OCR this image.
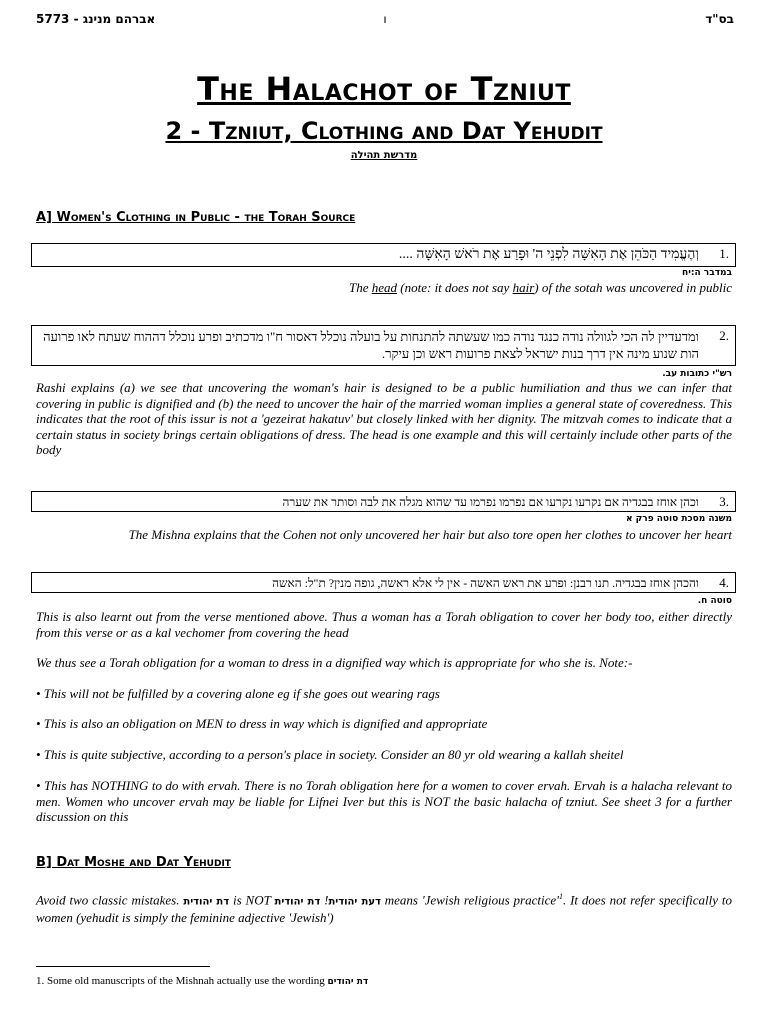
5773 - אברהם מנינג	ו	בס"ד
The Halachot of Tzniut
2 - Tzniut, Clothing and Dat Yehudit
מדרשת תהילה
A] Women's Clothing in Public - the Torah Source
1.
וְהֶעֱמִיד הַכֹּהֵן אֶת הָאִשָּׁה לִפְנֵי ה' וּפָרַע אֶת רֹאשׁ הָאִשָּׁה ....
במדבר ה:יח
The head (note: it does not say hair) of the sotah was uncovered in public
2.
ומדעדיין לה הכי לגוולה נודה כנגד נודה כמו שעשתה להתנחות על בועלה נוכלל דאסור ח"ו מדכתיב ופרע נוכלל דההוח שעתח לאו פרועה הות שנוע מינה אין דרך בנות ישראל לצאת פרועות ראש וכן עיקר.
רש"י כתובות עב.
Rashi explains (a) we see that uncovering the woman's hair is designed to be a public humiliation and thus we can infer that covering in public is dignified and (b) the need to uncover the hair of the married woman implies a general state of coveredness. This indicates that the root of this issur is not a 'gezeirat hakatuv' but closely linked with her dignity. The mitzvah comes to indicate that a certain status in society brings certain obligations of dress. The head is one example and this will certainly include other parts of the body
3.
וכהן אוחז בבגדיה אם נקרעו נקרעו אם נפרמו נפרמו עד שהוא מגלה את לבה וסותר את שערה
משנה מסכת סוטה פרק א
The Mishna explains that the Cohen not only uncovered her hair but also tore open her clothes to uncover her heart
4.
והכהן אוחז בבגדיה. תנו רבנן: ופרע את ראש האשה - אין לי אלא ראשה, גופה מנין? ת"ל: האשה
סוטה ח.
This is also learnt out from the verse mentioned above. Thus a woman has a Torah obligation to cover her body too, either directly from this verse or as a kal vechomer from covering the head
We thus see a Torah obligation for a woman to dress in a dignified way which is appropriate for who she is. Note:-
• This will not be fulfilled by a covering alone eg if she goes out wearing rags
• This is also an obligation on MEN to dress in way which is dignified and appropriate
• This is quite subjective, according to a person's place in society. Consider an 80 yr old wearing a kallah sheitel
• This has NOTHING to do with ervah. There is no Torah obligation here for a women to cover ervah. Ervah is a halacha relevant to men. Women who uncover ervah may be liable for Lifnei Iver but this is NOT the basic halacha of tzniut. See sheet 3 for a further discussion on this
B] Dat Moshe and Dat Yehudit
Avoid two classic mistakes. דת יהודית is NOT	דעת יהודית! דת יהודית	means 'Jewish religious $practice'^1$. It does not refer specifically to women (yehudit is simply the feminine adjective 'Jewish')
1. Some old manuscripts of the Mishnah actually use the wording דת יהודים
